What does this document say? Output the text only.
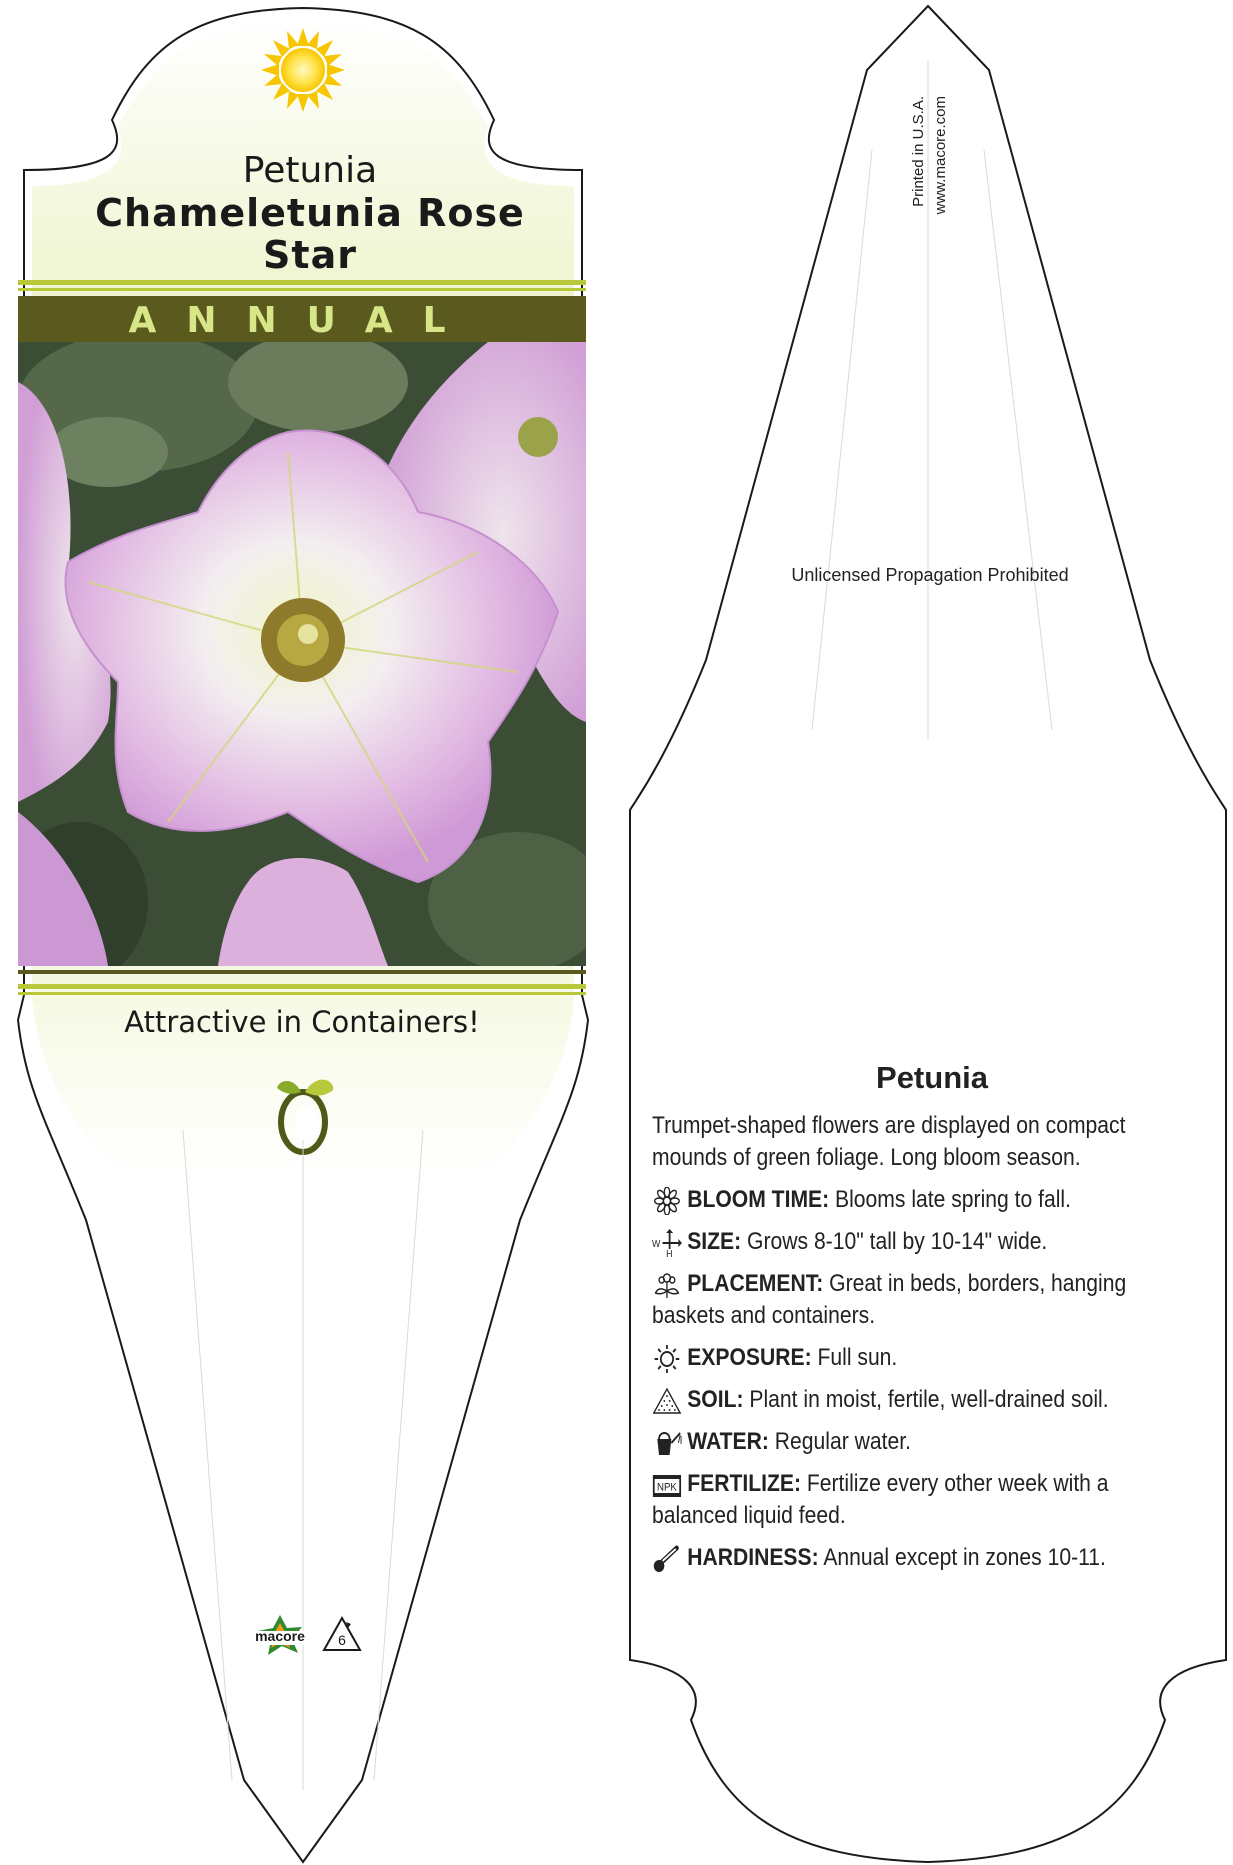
Petunia
Chameletunia Rose
Star
ANNUAL
Attractive in Containers!
macore	6
Printed in U.S.A. www.macore.com
Unlicensed Propagation Prohibited
Petunia
Trumpet-shaped flowers are displayed on compact mounds of green foliage. Long bloom season.
BLOOM TIME: Blooms late spring to fall.
W
H SIZE: Grows 8-10" tall by 10-14" wide.
PLACEMENT: Great in beds, borders, hanging baskets and containers.
EXPOSURE: Full sun.
SOIL: Plant in moist, fertile, well-drained soil.
WATER: Regular water.
NPK FERTILIZE: Fertilize every other week with a balanced liquid feed.
HARDINESS: Annual except in zones 10-11.
